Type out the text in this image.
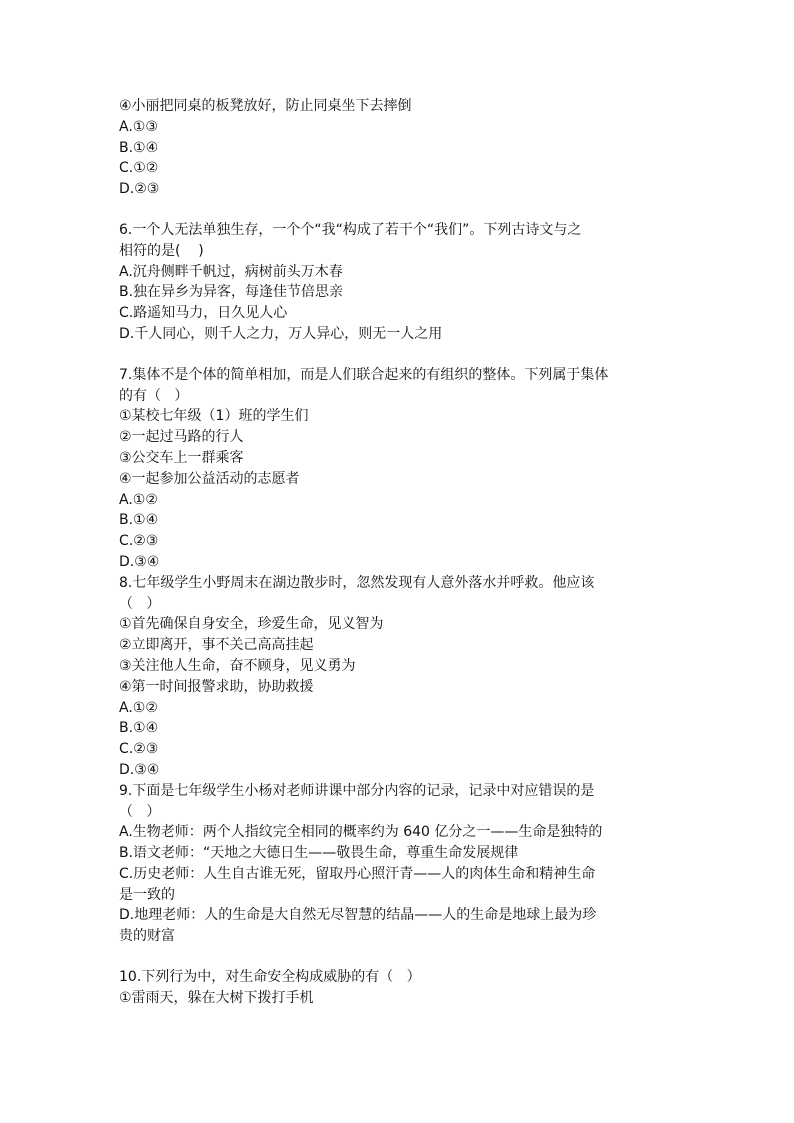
④小丽把同桌的板凳放好，防止同桌坐下去摔倒

A.①③

B.①④

C.①②

D.②③

6.一个人无法单独生存，一个个“我“构成了若干个“我们”。下列古诗文与之

相符的是(    )

A.沉舟侧畔千帆过，病树前头万木春

B.独在异乡为异客，每逢佳节倍思亲

C.路遥知马力，日久见人心

D.千人同心，则千人之力，万人异心，则无一人之用

7.集体不是个体的简单相加，而是人们联合起来的有组织的整体。下列属于集体

的有（   ）

①某校七年级（1）班的学生们

②一起过马路的行人

③公交车上一群乘客

④一起参加公益活动的志愿者

A.①②

B.①④

C.②③

D.③④

8.七年级学生小野周末在湖边散步时，忽然发现有人意外落水并呼救。他应该

（   ）

①首先确保自身安全，珍爱生命，见义智为

②立即离开，事不关己高高挂起

③关注他人生命，奋不顾身，见义勇为

④第一时间报警求助，协助救援

A.①②

B.①④

C.②③

D.③④

9.下面是七年级学生小杨对老师讲课中部分内容的记录，记录中对应错误的是

（   ）

A.生物老师：两个人指纹完全相同的概率约为 640 亿分之一——生命是独特的

B.语文老师：“天地之大德日生——敬畏生命，尊重生命发展规律

C.历史老师：人生自古谁无死，留取丹心照汗青——人的肉体生命和精神生命

是一致的

D.地理老师：人的生命是大自然无尽智慧的结晶——人的生命是地球上最为珍

贵的财富

10.下列行为中，对生命安全构成威胁的有（   ）

①雷雨天，躲在大树下拨打手机
